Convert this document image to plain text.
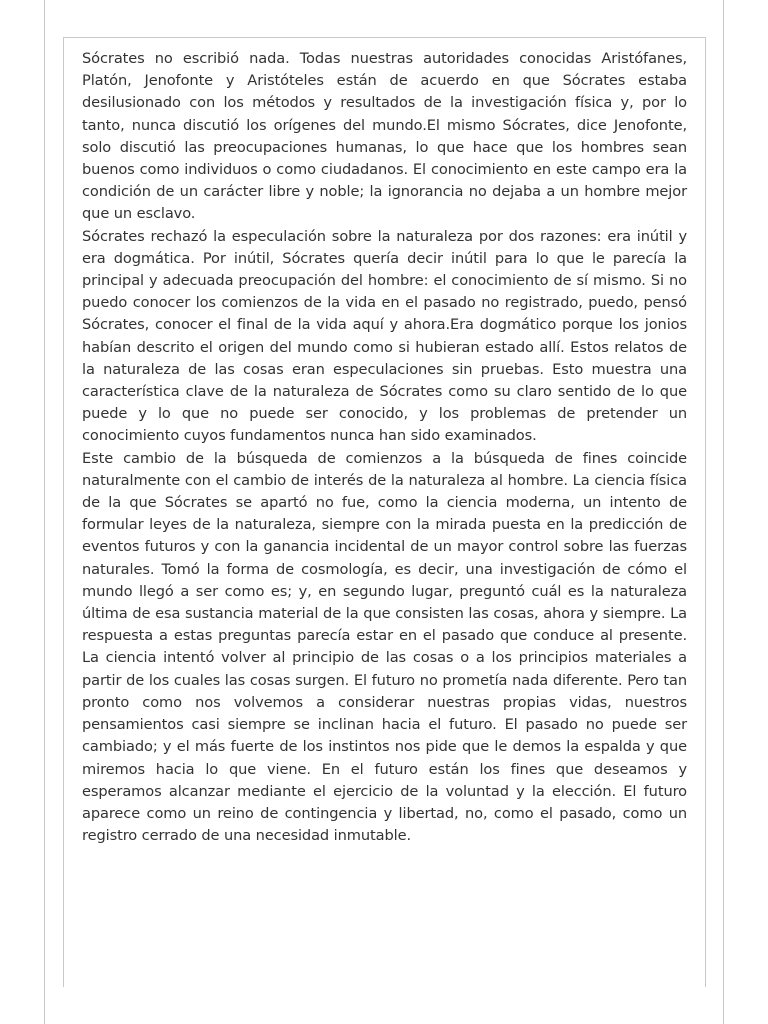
Sócrates no escribió nada. Todas nuestras autoridades conocidas Aristófanes, Platón, Jenofonte y Aristóteles están de acuerdo en que Sócrates estaba desilusionado con los métodos y resultados de la investigación física y, por lo tanto, nunca discutió los orígenes del mundo.El mismo Sócrates, dice Jenofonte, solo discutió las preocupaciones humanas, lo que hace que los hombres sean buenos como individuos o como ciudadanos. El conocimiento en este campo era la condición de un carácter libre y noble; la ignorancia no dejaba a un hombre mejor que un esclavo.

Sócrates rechazó la especulación sobre la naturaleza por dos razones: era inútil y era dogmática. Por inútil, Sócrates quería decir inútil para lo que le parecía la principal y adecuada preocupación del hombre: el conocimiento de sí mismo. Si no puedo conocer los comienzos de la vida en el pasado no registrado, puedo, pensó Sócrates, conocer el final de la vida aquí y ahora.Era dogmático porque los jonios habían descrito el origen del mundo como si hubieran estado allí. Estos relatos de la naturaleza de las cosas eran especulaciones sin pruebas. Esto muestra una característica clave de la naturaleza de Sócrates como su claro sentido de lo que puede y lo que no puede ser conocido, y los problemas de pretender un conocimiento cuyos fundamentos nunca han sido examinados.

Este cambio de la búsqueda de comienzos a la búsqueda de fines coincide naturalmente con el cambio de interés de la naturaleza al hombre. La ciencia física de la que Sócrates se apartó no fue, como la ciencia moderna, un intento de formular leyes de la naturaleza, siempre con la mirada puesta en la predicción de eventos futuros y con la ganancia incidental de un mayor control sobre las fuerzas naturales. Tomó la forma de cosmología, es decir, una investigación de cómo el mundo llegó a ser como es; y, en segundo lugar, preguntó cuál es la naturaleza última de esa sustancia material de la que consisten las cosas, ahora y siempre. La respuesta a estas preguntas parecía estar en el pasado que conduce al presente. La ciencia intentó volver al principio de las cosas o a los principios materiales a partir de los cuales las cosas surgen. El futuro no prometía nada diferente. Pero tan pronto como nos volvemos a considerar nuestras propias vidas, nuestros pensamientos casi siempre se inclinan hacia el futuro. El pasado no puede ser cambiado; y el más fuerte de los instintos nos pide que le demos la espalda y que miremos hacia lo que viene. En el futuro están los fines que deseamos y esperamos alcanzar mediante el ejercicio de la voluntad y la elección. El futuro aparece como un reino de contingencia y libertad, no, como el pasado, como un registro cerrado de una necesidad inmutable.
